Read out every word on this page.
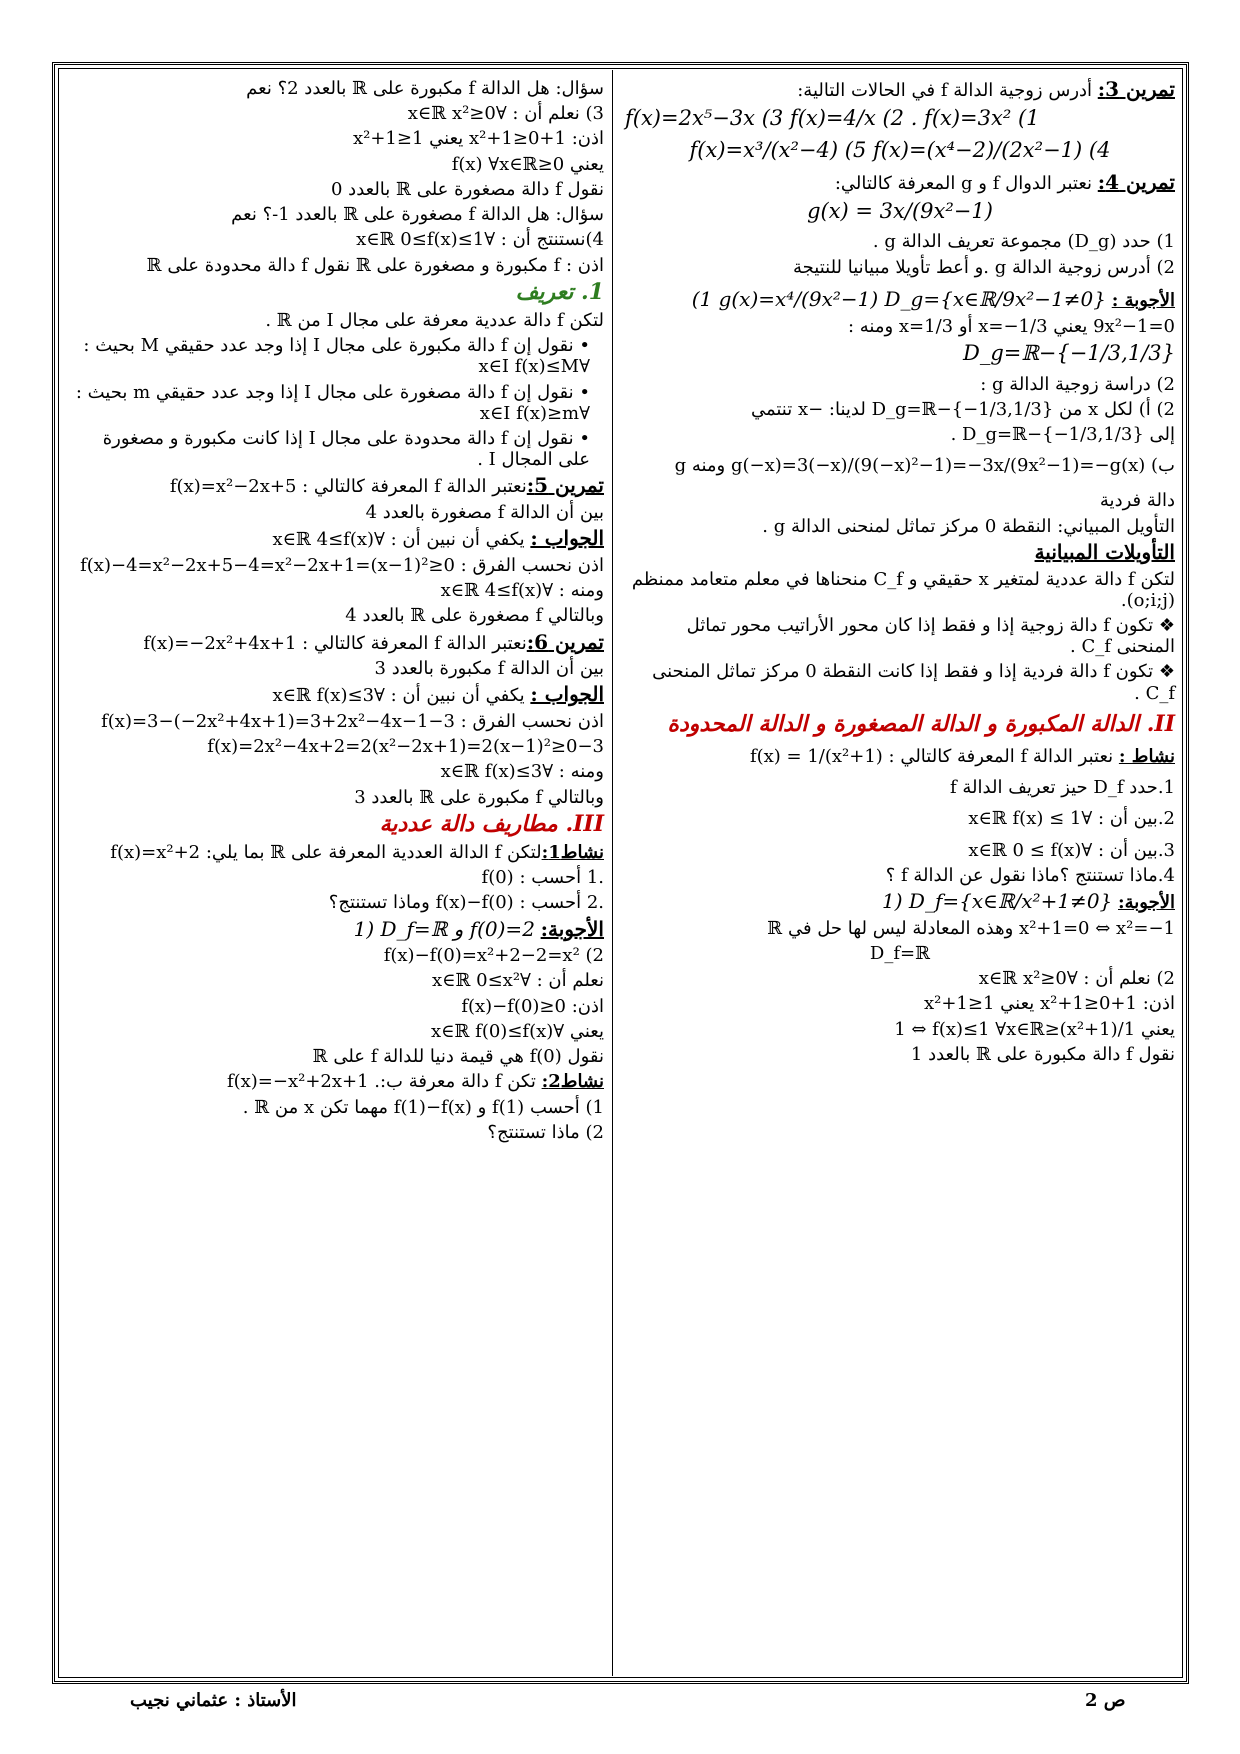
تمرين 3: أدرس زوجية الدالة f في الحالات التالية:
f(x)=2x⁵−3x (3 f(x)=4/x (2 . f(x)=3x² (1
f(x)=x³/(x²−4) (5 f(x)=(x⁴−2)/(2x²−1) (4
تمرين 4: نعتبر الدوال f و g المعرفة كالتالي:
g(x) = 3x/(9x²−1)
1) حدد (D_g) مجموعة تعريف الدالة g .
2) أدرس زوجية الدالة g .و أعط تأويلا مبيانيا للنتيجة
الأجوبة : (1 g(x)=x⁴/(9x²−1) D_g={x∈ℝ/9x²−1≠0}
9x²−1=0 يعني x=−1/3 أو x=1/3 ومنه :
D_g=ℝ−{−1/3,1/3}
2) دراسة زوجية الدالة g :
2) أ) لكل x من D_g=ℝ−{−1/3,1/3} لدينا: −x تنتمي
إلى D_g=ℝ−{−1/3,1/3} .
ب) g(−x)=3(−x)/(9(−x)²−1)=−3x/(9x²−1)=−g(x) ومنه g
دالة فردية
التأويل المبياني: النقطة 0 مركز تماثل لمنحنى الدالة g .
التأويلات المبيانية
لتكن f دالة عددية لمتغير x حقيقي و C_f منحناها في معلم متعامد ممنظم (o;i;j).
❖ تكون f دالة زوجية إذا و فقط إذا كان محور الأراتيب محور تماثل المنحنى C_f .
❖ تكون f دالة فردية إذا و فقط إذا كانت النقطة 0 مركز تماثل المنحنى C_f .
II. الدالة المكبورة و الدالة المصغورة و الدالة المحدودة
نشاط : نعتبر الدالة f المعرفة كالتالي : f(x) = 1/(x²+1)
1.حدد D_f حيز تعريف الدالة f
2.بين أن : ∀x∈ℝ f(x) ≤ 1
3.بين أن : ∀x∈ℝ 0 ≤ f(x)
4.ماذا تستنتج ؟ماذا نقول عن الدالة f ؟
الأجوبة: 1) D_f={x∈ℝ/x²+1≠0}
x²+1=0 ⇔ x²=−1 وهذه المعادلة ليس لها حل في ℝ
D_f=ℝ
2) نعلم أن : ∀x∈ℝ x²≥0
اذن: x²+1≥0+1 يعني x²+1≥1
يعني 1/(x²+1)≤1 ⇔ f(x)≤1 ∀x∈ℝ
نقول f دالة مكبورة على ℝ بالعدد 1
سؤال: هل الدالة f مكبورة على ℝ بالعدد 2؟ نعم
3) نعلم أن : ∀x∈ℝ x²≥0
اذن: x²+1≥0+1 يعني x²+1≥1
يعني 0≤f(x) ∀x∈ℝ
نقول f دالة مصغورة على ℝ بالعدد 0
سؤال: هل الدالة f مصغورة على ℝ بالعدد 1-؟ نعم
4)نستنتج أن : ∀x∈ℝ 0≤f(x)≤1
اذن : f مكبورة و مصغورة على ℝ نقول f دالة محدودة على ℝ
1. تعريف
لتكن f دالة عددية معرفة على مجال I من ℝ .
• نقول إن f دالة مكبورة على مجال I إذا وجد عدد حقيقي M بحيث : ∀x∈I f(x)≤M
• نقول إن f دالة مصغورة على مجال I إذا وجد عدد حقيقي m بحيث : ∀x∈I f(x)≥m
• نقول إن f دالة محدودة على مجال I إذا كانت مكبورة و مصغورة على المجال I .
تمرين 5:نعتبر الدالة f المعرفة كالتالي : f(x)=x²−2x+5
بين أن الدالة f مصغورة بالعدد 4
الجواب : يكفي أن نبين أن : ∀x∈ℝ 4≤f(x)
اذن نحسب الفرق : f(x)−4=x²−2x+5−4=x²−2x+1=(x−1)²≥0
ومنه : ∀x∈ℝ 4≤f(x)
وبالتالي f مصغورة على ℝ بالعدد 4
تمرين 6:نعتبر الدالة f المعرفة كالتالي : f(x)=−2x²+4x+1
بين أن الدالة f مكبورة بالعدد 3
الجواب : يكفي أن نبين أن : ∀x∈ℝ f(x)≤3
اذن نحسب الفرق : 3−f(x)=3−(−2x²+4x+1)=3+2x²−4x−1
3−f(x)=2x²−4x+2=2(x²−2x+1)=2(x−1)²≥0
ومنه : ∀x∈ℝ f(x)≤3
وبالتالي f مكبورة على ℝ بالعدد 3
III. مطاريف دالة عددية
نشاط1:لتكن f الدالة العددية المعرفة على ℝ بما يلي: f(x)=x²+2
.1 أحسب : f(0)
.2 أحسب : f(x)−f(0) وماذا تستنتج؟
الأجوبة: 1) D_f=ℝ و f(0)=2
2) f(x)−f(0)=x²+2−2=x²
نعلم أن : ∀x∈ℝ 0≤x²
اذن: f(x)−f(0)≥0
يعني ∀x∈ℝ f(0)≤f(x)
نقول f(0) هي قيمة دنيا للدالة f على ℝ
نشاط2: تكن f دالة معرفة ب:. f(x)=−x²+2x+1
1) أحسب f(1) و f(1)−f(x) مهما تكن x من ℝ .
2) ماذا تستنتج؟
ص 2
الأستاذ : عثماني نجيب
